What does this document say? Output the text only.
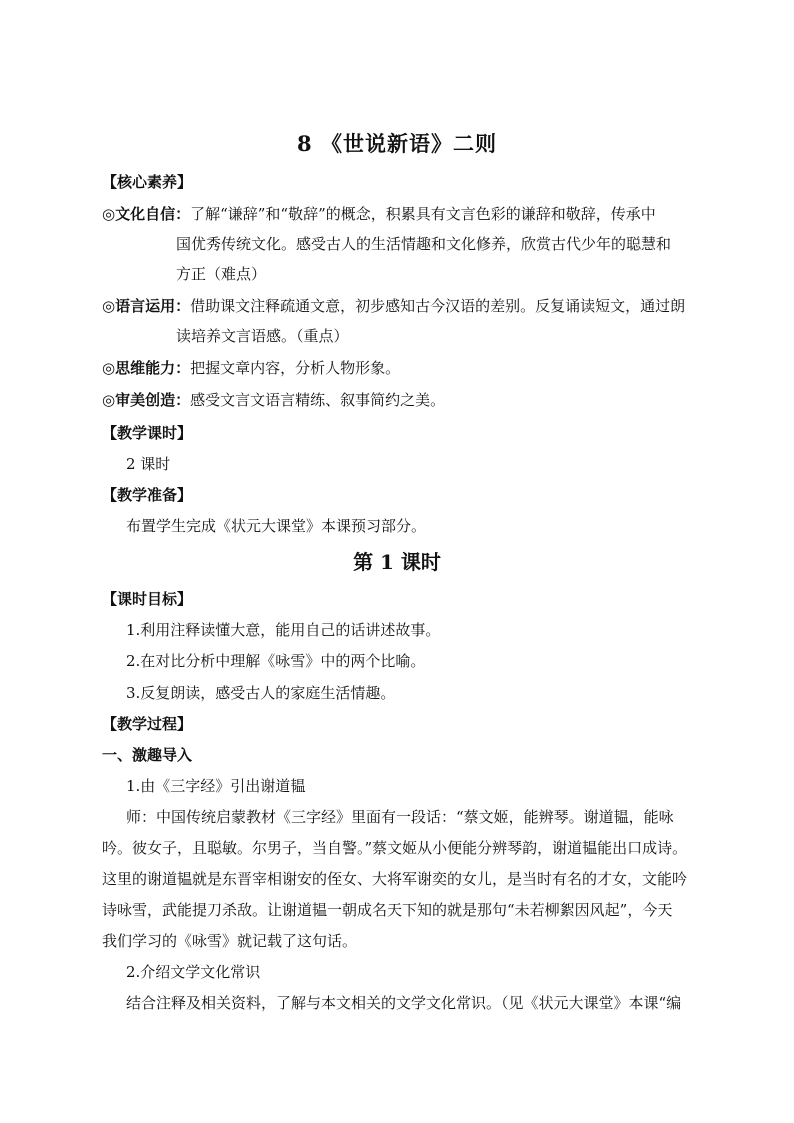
8 《世说新语》二则
【核心素养】
◎文化自信：了解“谦辞”和“敬辞”的概念，积累具有文言色彩的谦辞和敬辞，传承中
国优秀传统文化。感受古人的生活情趣和文化修养，欣赏古代少年的聪慧和
方正（难点）
◎语言运用：借助课文注释疏通文意，初步感知古今汉语的差别。反复诵读短文，通过朗
读培养文言语感。（重点）
◎思维能力：把握文章内容，分析人物形象。
◎审美创造：感受文言文语言精练、叙事简约之美。
【教学课时】
2 课时
【教学准备】
布置学生完成《状元大课堂》本课预习部分。
第 1 课时
【课时目标】
1.利用注释读懂大意，能用自己的话讲述故事。
2.在对比分析中理解《咏雪》中的两个比喻。
3.反复朗读，感受古人的家庭生活情趣。
【教学过程】
一、激趣导入
1.由《三字经》引出谢道韫
师：中国传统启蒙教材《三字经》里面有一段话：“蔡文姬，能辨琴。谢道韫，能咏
吟。彼女子，且聪敏。尔男子，当自警。”蔡文姬从小便能分辨琴韵，谢道韫能出口成诗。
这里的谢道韫就是东晋宰相谢安的侄女、大将军谢奕的女儿，是当时有名的才女，文能吟
诗咏雪，武能提刀杀敌。让谢道韫一朝成名天下知的就是那句“未若柳絮因风起”，今天
我们学习的《咏雪》就记载了这句话。
2.介绍文学文化常识
结合注释及相关资料，了解与本文相关的文学文化常识。（见《状元大课堂》本课“编
